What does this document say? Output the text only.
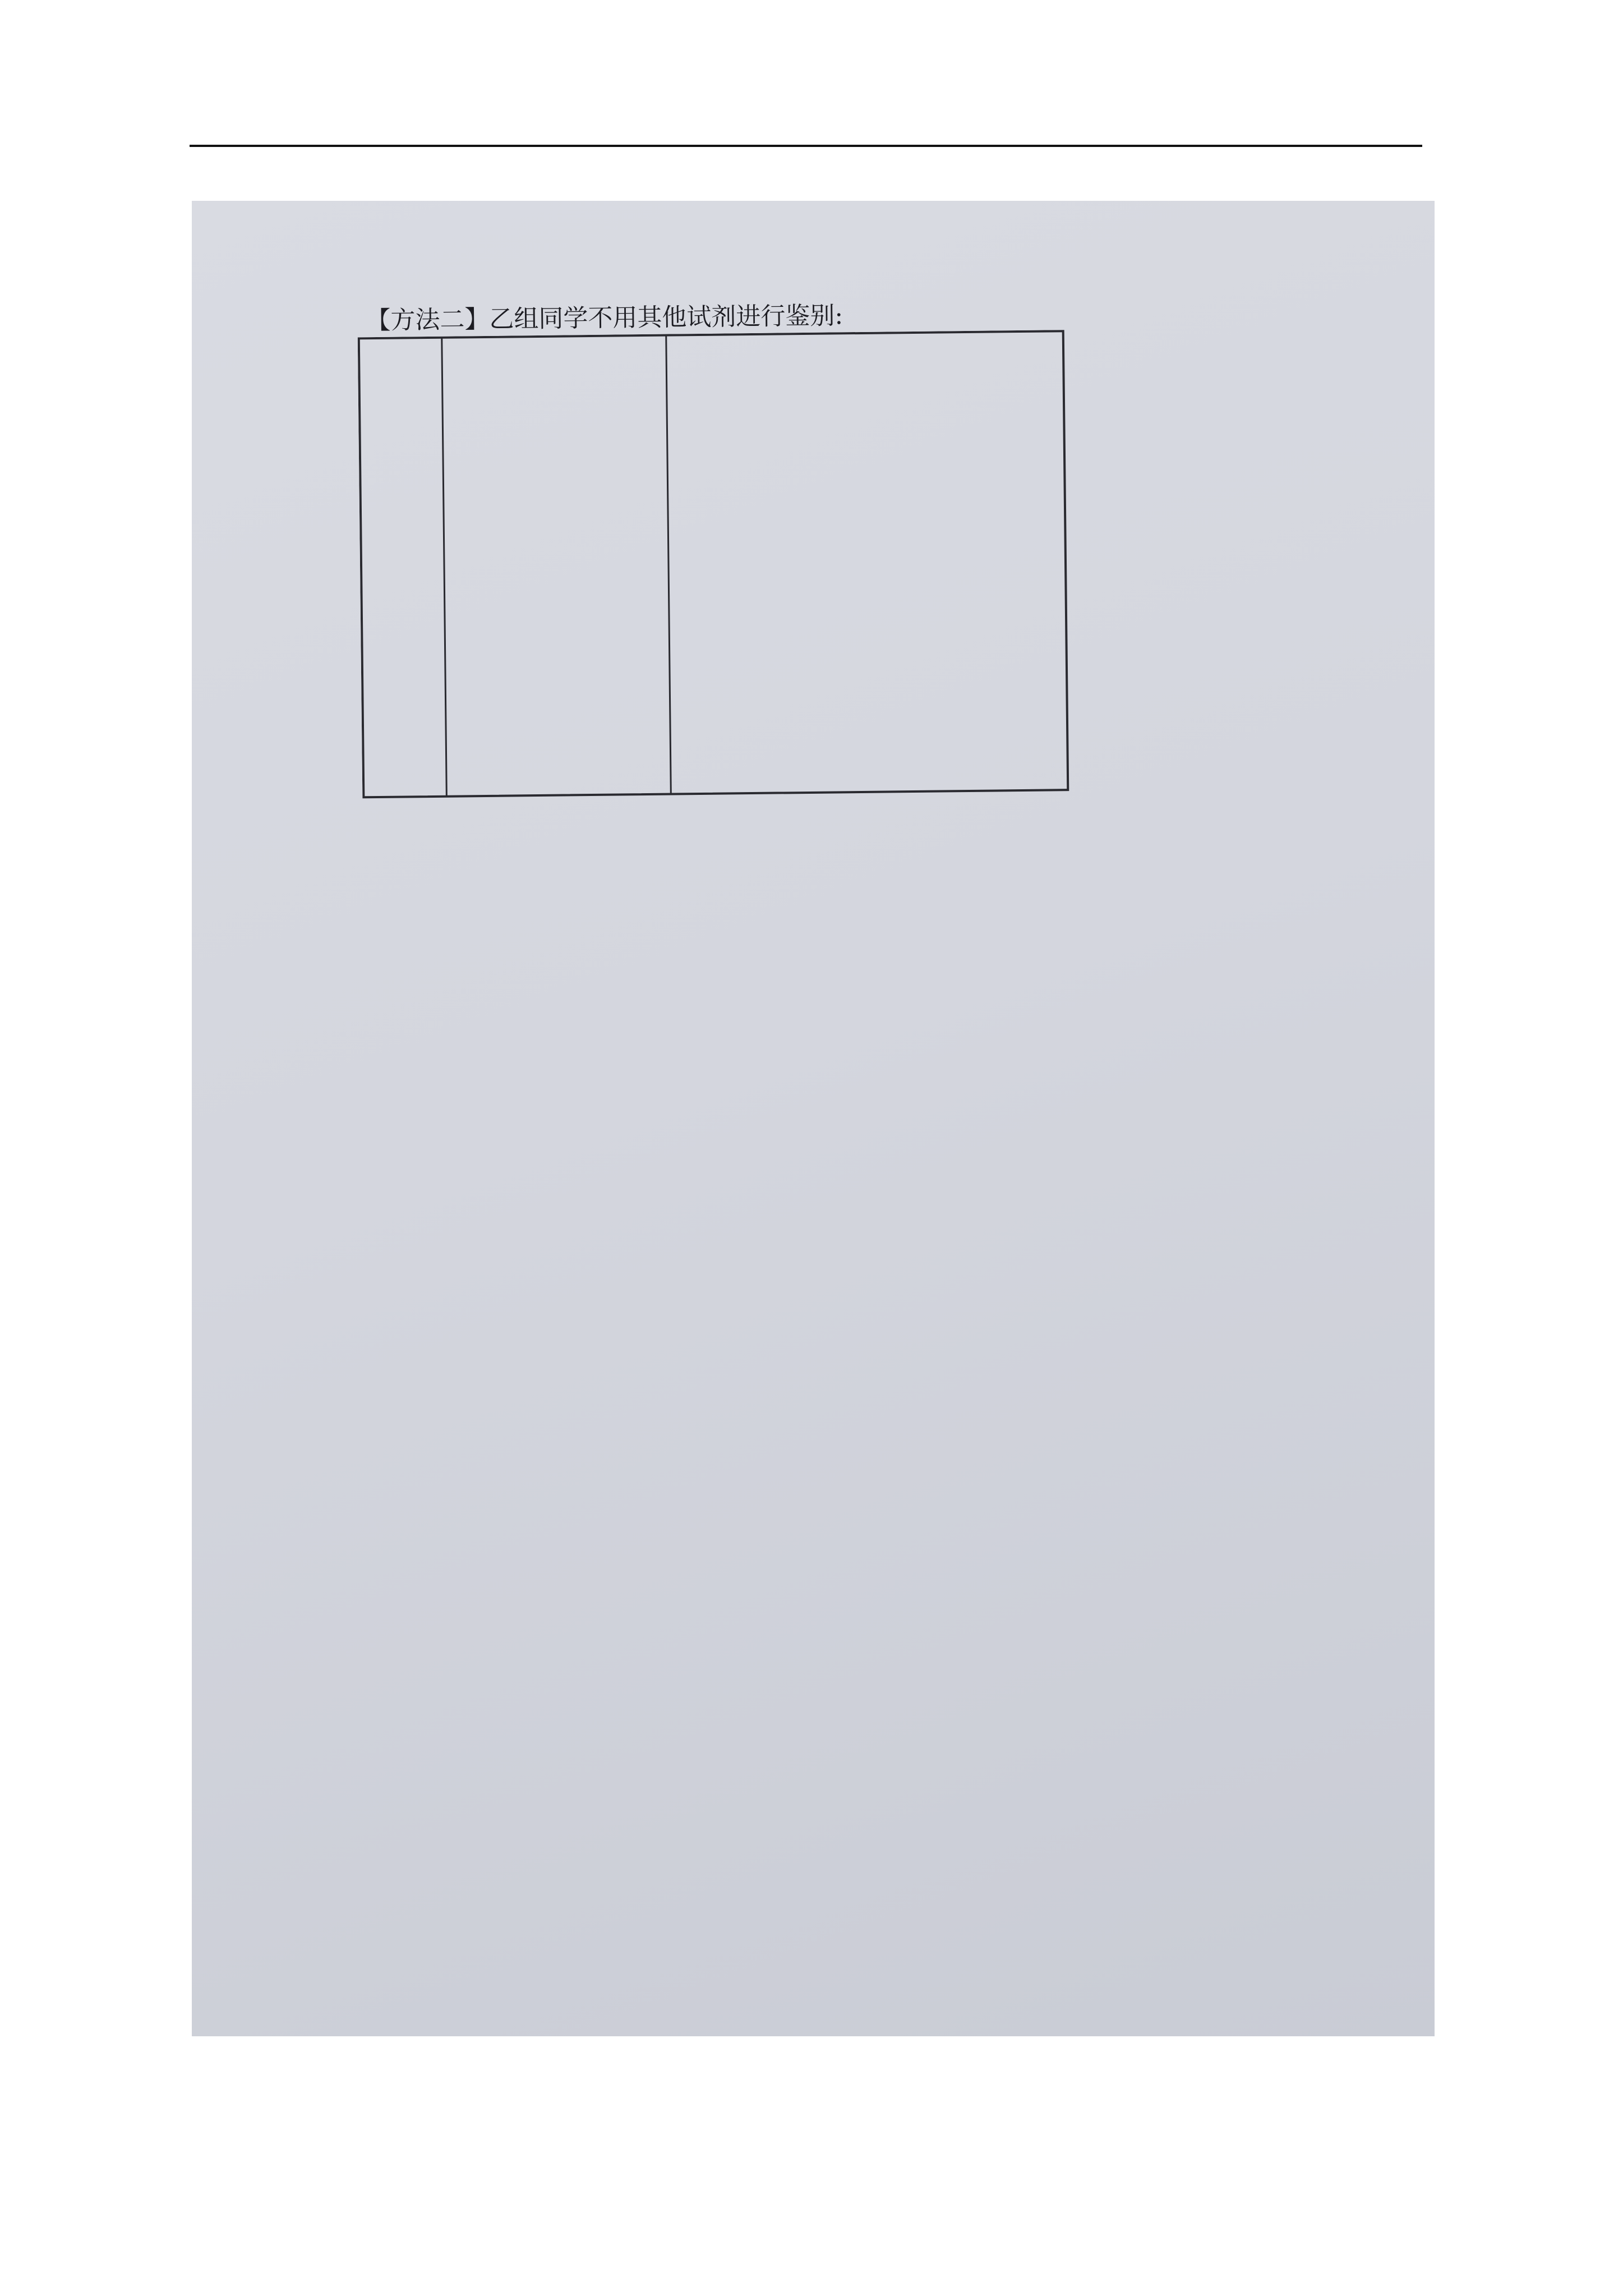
【方法二】乙组同学不用其他试剂进行鉴别:
